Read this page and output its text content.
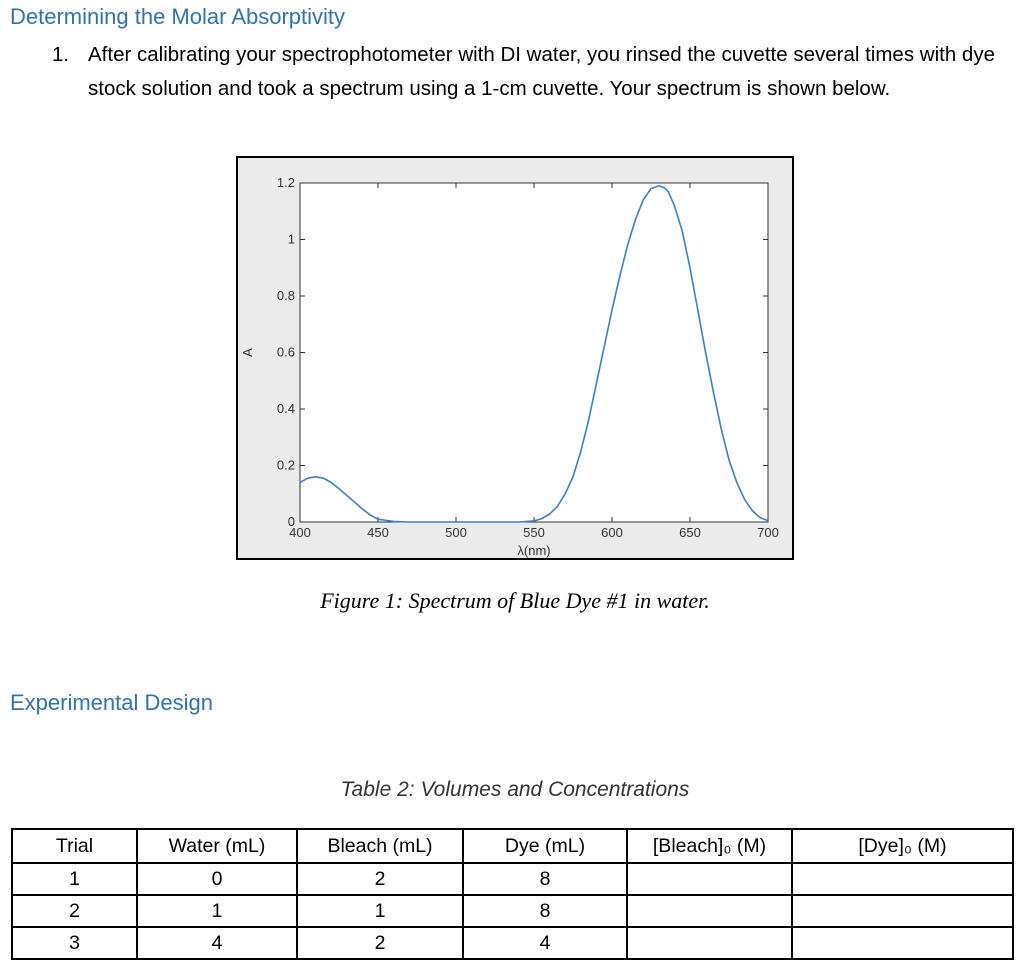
Determining the Molar Absorptivity
1. After calibrating your spectrophotometer with DI water, you rinsed the cuvette several times with dye stock solution and took a spectrum using a 1-cm cuvette. Your spectrum is shown below.
400	450	500	550	600	650	700
0
0.2
0.4
0.6
0.8
1
1.2
A
λ(nm)
Figure 1: Spectrum of Blue Dye #1 in water.
Experimental Design
Table 2: Volumes and Concentrations
Trial	Water (mL)	Bleach (mL)	Dye (mL)	[Bleach]₀ (M)	[Dye]₀ (M)
1	0	2	8		
2	1	1	8		
3	4	2	4		
